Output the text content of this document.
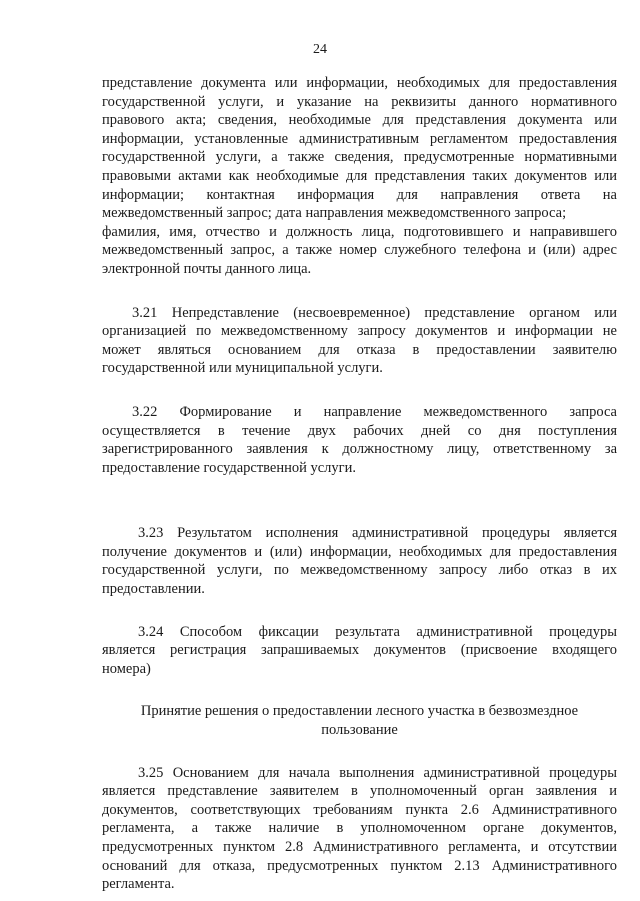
24

представление документа или информации, необходимых для предоставления
государственной услуги, и указание на реквизиты данного нормативного
правового акта; сведения, необходимые для представления документа или
информации, установленные административным регламентом предоставления
государственной услуги, а также сведения, предусмотренные нормативными
правовыми актами как необходимые для представления таких документов или
информации; контактная информация для направления ответа на
межведомственный запрос; дата направления межведомственного запроса;
фамилия, имя, отчество и должность лица, подготовившего и направившего
межведомственный запрос, а также номер служебного телефона и (или) адрес
электронной почты данного лица.

3.21 Непредставление (несвоевременное) представление органом или
организацией по межведомственному запросу документов и информации не
может являться основанием для отказа в предоставлении заявителю
государственной или муниципальной услуги.

3.22 Формирование и направление межведомственного запроса
осуществляется в течение двух рабочих дней со дня поступления
зарегистрированного заявления к должностному лицу, ответственному за
предоставление государственной услуги.

3.23 Результатом исполнения административной процедуры является
получение документов и (или) информации, необходимых для предоставления
государственной услуги, по межведомственному запросу либо отказ в их
предоставлении.

3.24 Способом фиксации результата административной процедуры
является регистрация запрашиваемых документов (присвоение входящего
номера)

Принятие решения о предоставлении лесного участка в безвозмездное
пользование

3.25 Основанием для начала выполнения административной процедуры
является представление заявителем в уполномоченный орган заявления и
документов, соответствующих требованиям пункта 2.6 Административного
регламента, а также наличие в уполномоченном органе документов,
предусмотренных пунктом 2.8 Административного регламента, и отсутствии
оснований для отказа, предусмотренных пунктом 2.13 Административного
регламента.
